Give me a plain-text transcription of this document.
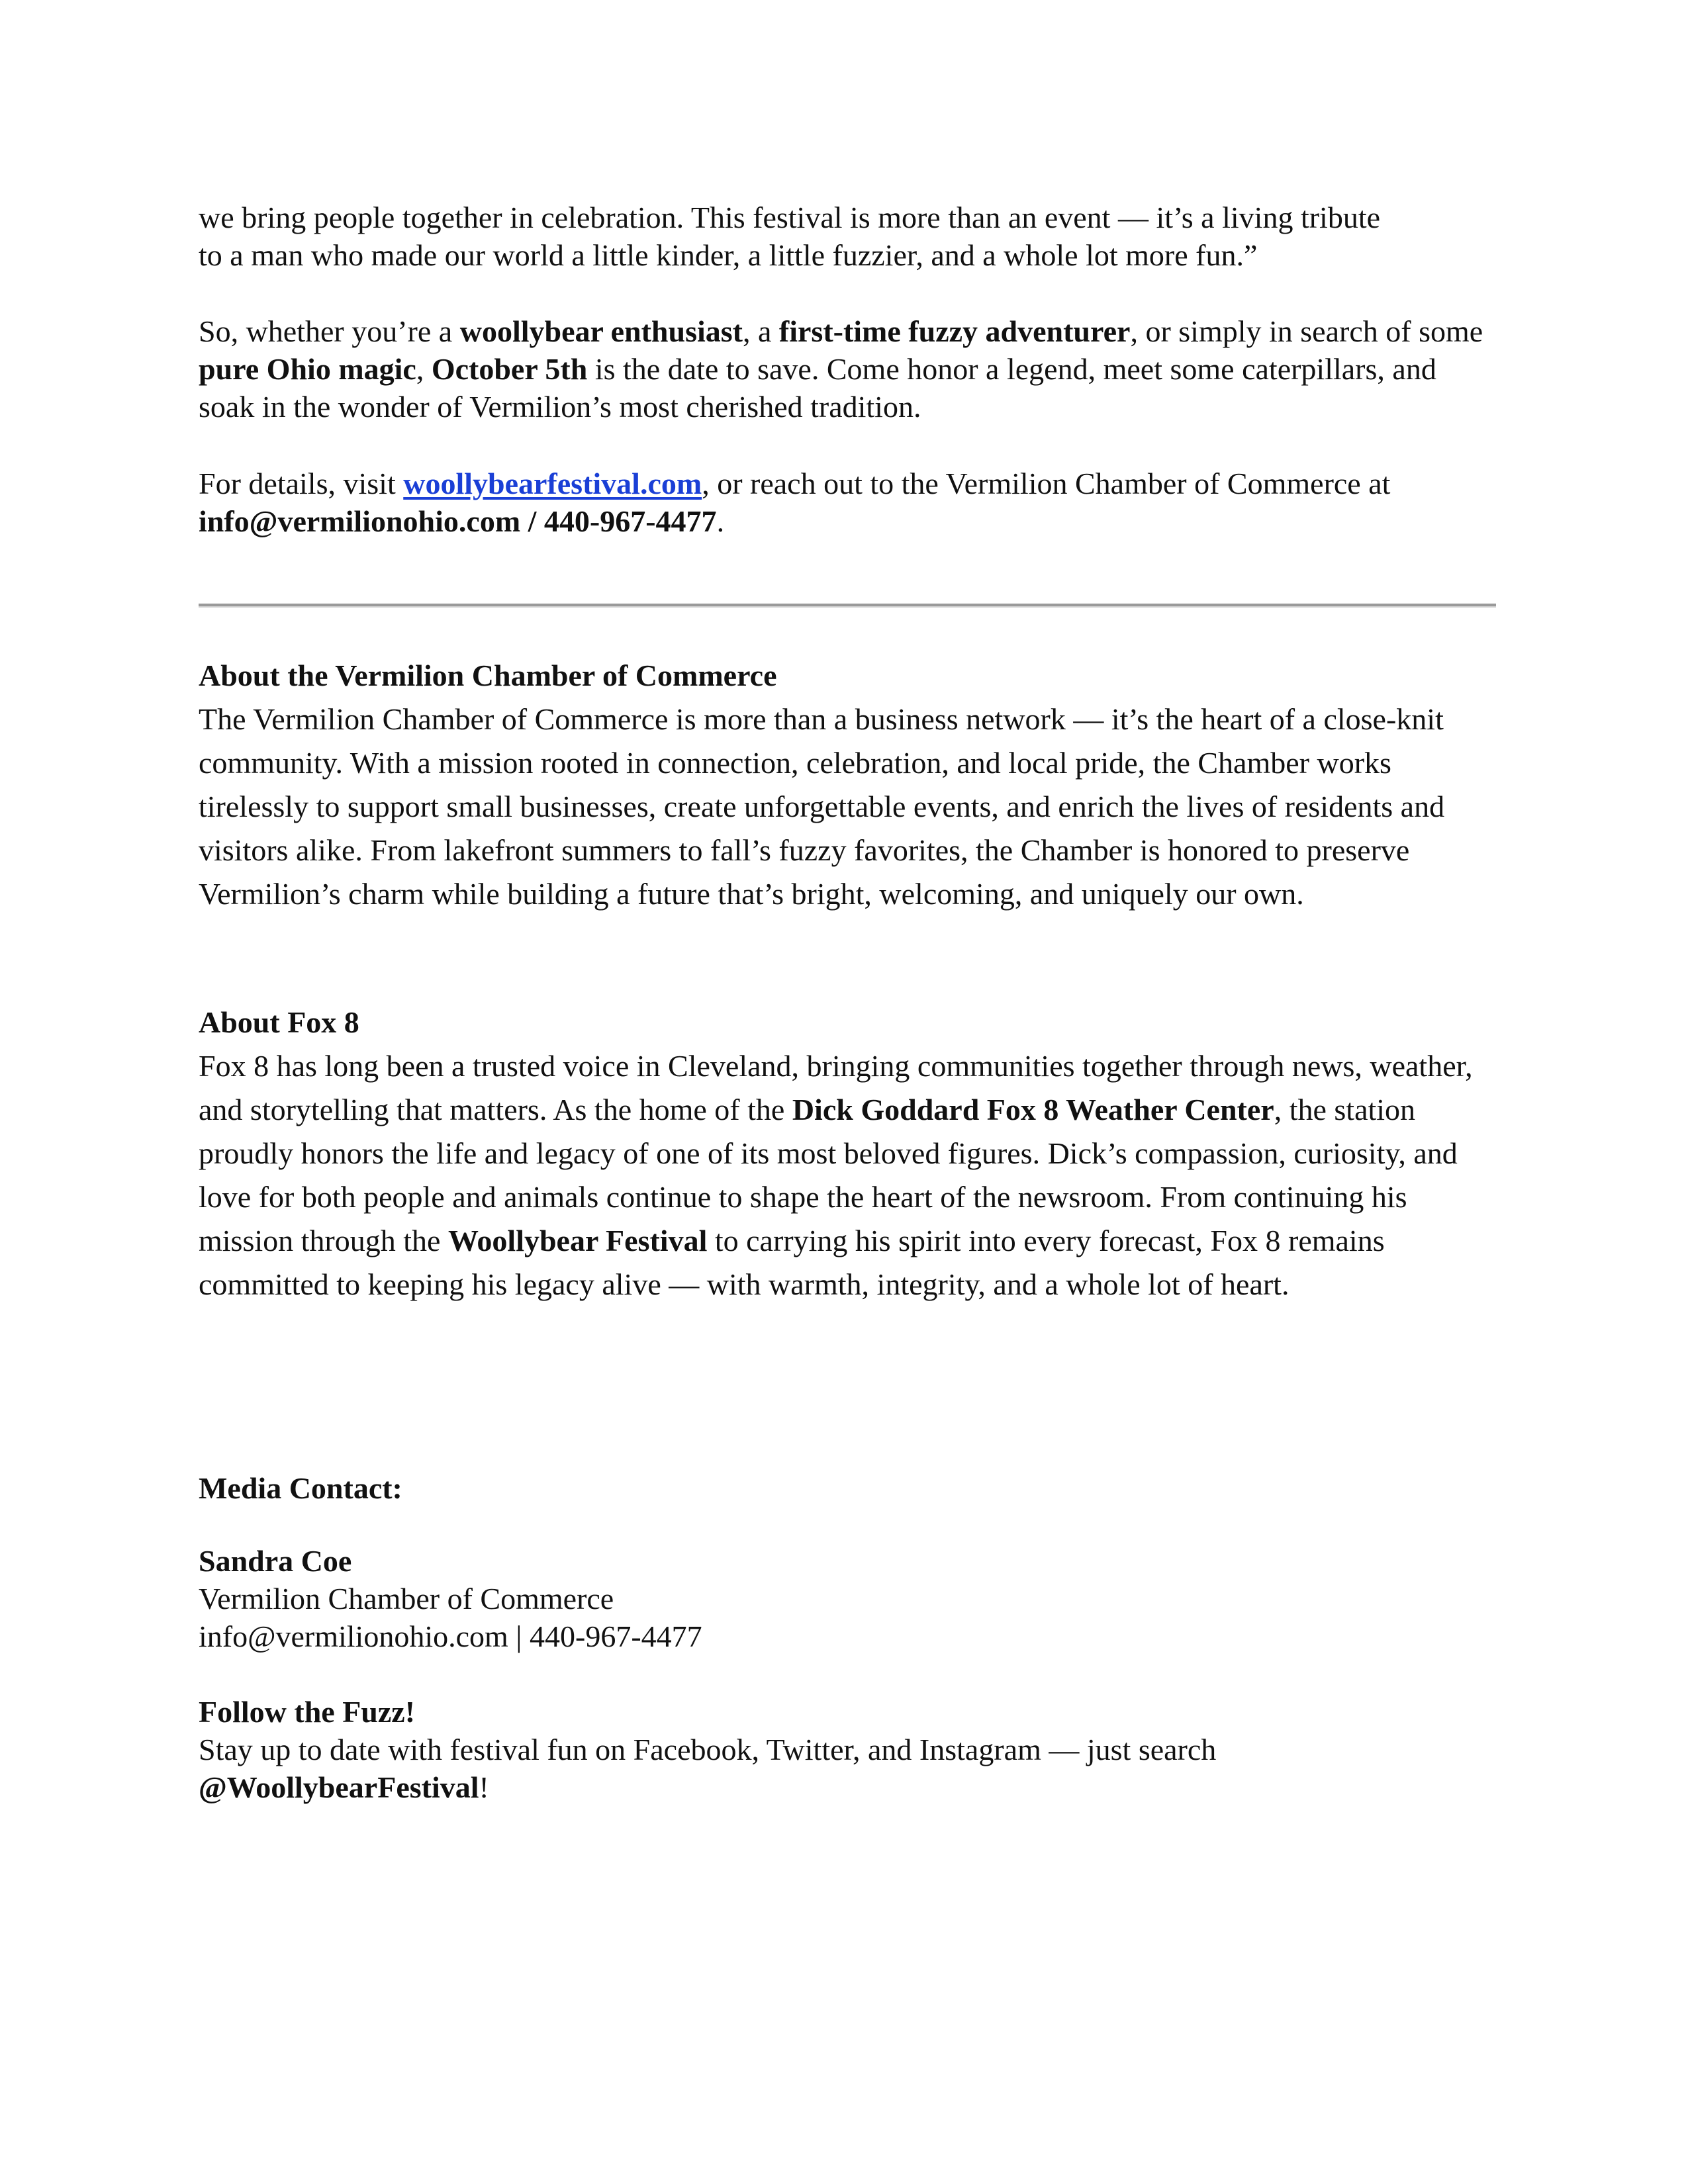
we bring people together in celebration. This festival is more than an event — it’s a living tribute
to a man who made our world a little kinder, a little fuzzier, and a whole lot more fun.”

So, whether you’re a woollybear enthusiast, a first-time fuzzy adventurer, or simply in search of some pure Ohio magic, October 5th is the date to save. Come honor a legend, meet some caterpillars, and soak in the wonder of Vermilion’s most cherished tradition.

For details, visit woollybearfestival.com, or reach out to the Vermilion Chamber of Commerce at info@vermilionohio.com / 440-967-4477.

About the Vermilion Chamber of Commerce

The Vermilion Chamber of Commerce is more than a business network — it’s the heart of a close-knit community. With a mission rooted in connection, celebration, and local pride, the Chamber works tirelessly to support small businesses, create unforgettable events, and enrich the lives of residents and visitors alike. From lakefront summers to fall’s fuzzy favorites, the Chamber is honored to preserve Vermilion’s charm while building a future that’s bright, welcoming, and uniquely our own.

About Fox 8

Fox 8 has long been a trusted voice in Cleveland, bringing communities together through news, weather, and storytelling that matters. As the home of the Dick Goddard Fox 8 Weather Center, the station proudly honors the life and legacy of one of its most beloved figures. Dick’s compassion, curiosity, and love for both people and animals continue to shape the heart of the newsroom. From continuing his mission through the Woollybear Festival to carrying his spirit into every forecast, Fox 8 remains committed to keeping his legacy alive — with warmth, integrity, and a whole lot of heart.

Media Contact:
Sandra Coe
Vermilion Chamber of Commerce
info@vermilionohio.com | 440-967-4477
Follow the Fuzz!

Stay up to date with festival fun on Facebook, Twitter, and Instagram — just search
@WoollybearFestival!
